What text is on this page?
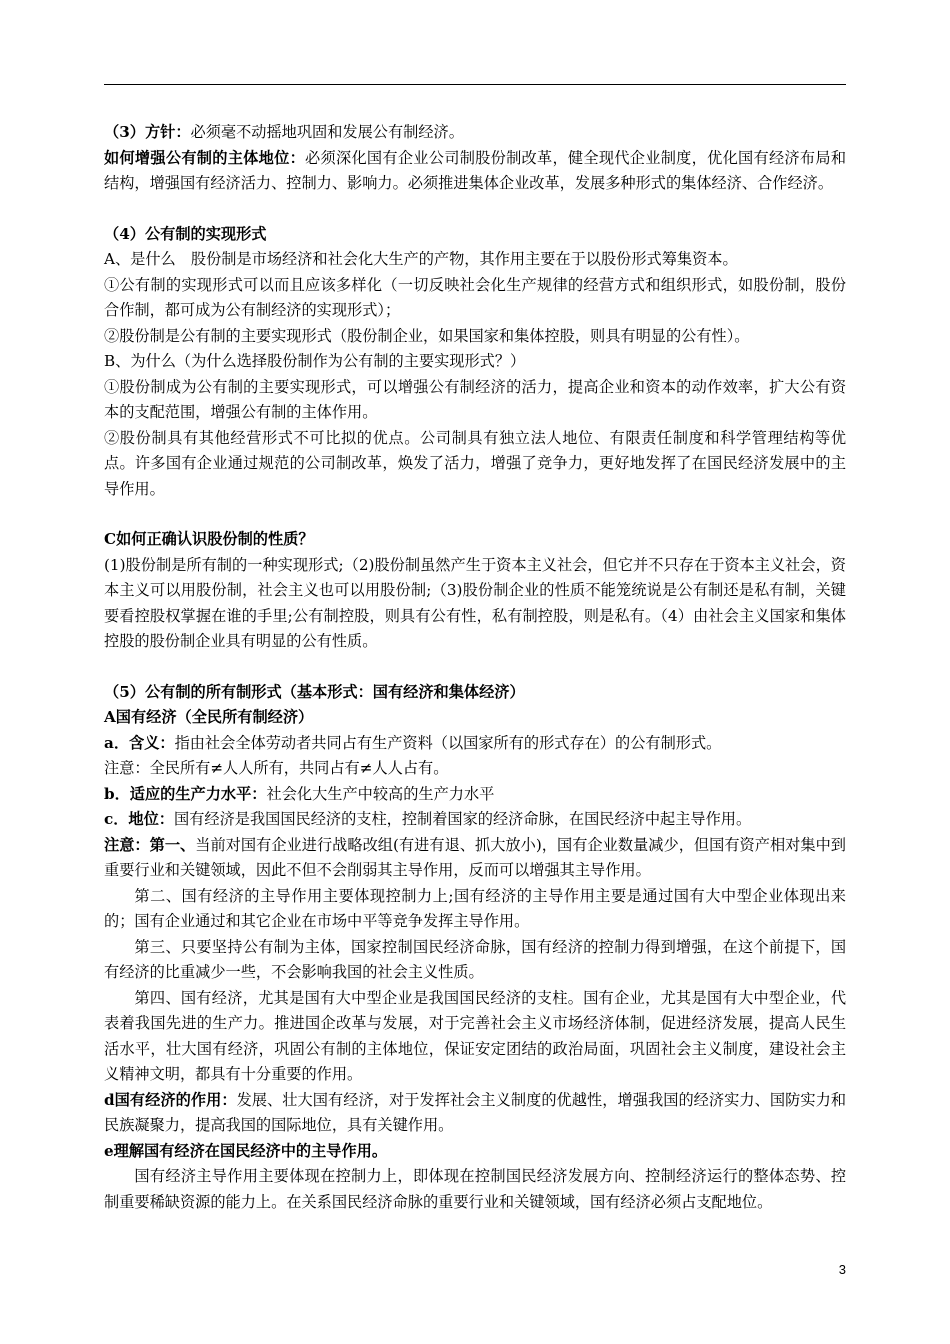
（3）方针：必须毫不动摇地巩固和发展公有制经济。

如何增强公有制的主体地位：必须深化国有企业公司制股份制改革，健全现代企业制度，优化国有经济布局和结构，增强国有经济活力、控制力、影响力。必须推进集体企业改革，发展多种形式的集体经济、合作经济。

（4）公有制的实现形式

A、是什么　股份制是市场经济和社会化大生产的产物，其作用主要在于以股份形式筹集资本。

①公有制的实现形式可以而且应该多样化（一切反映社会化生产规律的经营方式和组织形式，如股份制，股份合作制，都可成为公有制经济的实现形式）；

②股份制是公有制的主要实现形式（股份制企业，如果国家和集体控股，则具有明显的公有性）。

B、为什么（为什么选择股份制作为公有制的主要实现形式？）

①股份制成为公有制的主要实现形式，可以增强公有制经济的活力，提高企业和资本的动作效率，扩大公有资本的支配范围，增强公有制的主体作用。

②股份制具有其他经营形式不可比拟的优点。公司制具有独立法人地位、有限责任制度和科学管理结构等优点。许多国有企业通过规范的公司制改革，焕发了活力，增强了竞争力，更好地发挥了在国民经济发展中的主导作用。

C如何正确认识股份制的性质？

(1)股份制是所有制的一种实现形式;（2)股份制虽然产生于资本主义社会，但它并不只存在于资本主义社会，资本主义可以用股份制，社会主义也可以用股份制;（3)股份制企业的性质不能笼统说是公有制还是私有制，关键要看控股权掌握在谁的手里;公有制控股，则具有公有性，私有制控股，则是私有。（4）由社会主义国家和集体控股的股份制企业具有明显的公有性质。

（5）公有制的所有制形式（基本形式：国有经济和集体经济）

A国有经济（全民所有制经济）

a．含义：指由社会全体劳动者共同占有生产资料（以国家所有的形式存在）的公有制形式。

注意：全民所有≠人人所有，共同占有≠人人占有。

b．适应的生产力水平：社会化大生产中较高的生产力水平

c．地位：国有经济是我国国民经济的支柱，控制着国家的经济命脉，在国民经济中起主导作用。

注意：第一、当前对国有企业进行战略改组(有进有退、抓大放小)，国有企业数量减少，但国有资产相对集中到重要行业和关键领域，因此不但不会削弱其主导作用，反而可以增强其主导作用。

第二、国有经济的主导作用主要体现控制力上;国有经济的主导作用主要是通过国有大中型企业体现出来的；国有企业通过和其它企业在市场中平等竞争发挥主导作用。

第三、只要坚持公有制为主体，国家控制国民经济命脉，国有经济的控制力得到增强，在这个前提下，国有经济的比重减少一些，不会影响我国的社会主义性质。

第四、国有经济，尤其是国有大中型企业是我国国民经济的支柱。国有企业，尤其是国有大中型企业，代表着我国先进的生产力。推进国企改革与发展，对于完善社会主义市场经济体制，促进经济发展，提高人民生活水平，壮大国有经济，巩固公有制的主体地位，保证安定团结的政治局面，巩固社会主义制度，建设社会主义精神文明，都具有十分重要的作用。

d国有经济的作用：发展、壮大国有经济，对于发挥社会主义制度的优越性，增强我国的经济实力、国防实力和民族凝聚力，提高我国的国际地位，具有关键作用。

e理解国有经济在国民经济中的主导作用。

国有经济主导作用主要体现在控制力上，即体现在控制国民经济发展方向、控制经济运行的整体态势、控制重要稀缺资源的能力上。在关系国民经济命脉的重要行业和关键领域，国有经济必须占支配地位。

3
